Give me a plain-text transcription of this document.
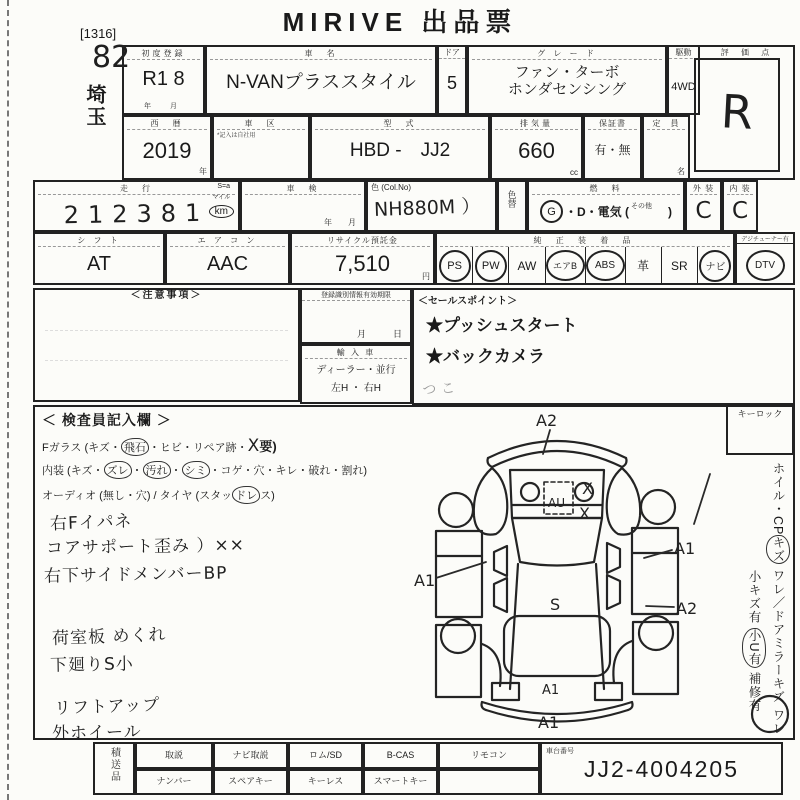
MIRIVE 出品票
[1316]
82
埼玉
初度登録
R1 8
年　月
車　名
N-VANプラススタイル
ドア
5
グ レ ー ド
ファン・ターボ
ホンダセンシング
駆動
4WD
評 価 点
R
西　暦
2019
年
車　区
*記入は自社用
型　式
HBD -　JJ2
排気量
660
cc
保証書
有・無
定　員
名
走　行	S=a
212381
マイル
km
車　検
年　　月
色 (Col.No)
NH880M ）	色替
燃　料
G ・D・電気 ( その他	)
外 装
C
内 装
C
シ フ ト
AT
エ ア コ ン
AAC
リサイクル預託金
7,510
円
純 正 装 着 品
PS	PW	AW	エアB	ABS	革 SR	ナビ
デジチューナー有
DTV
＜注意事項＞	登録識別情報有効期限
月　　　日
輸 入 車
ディーラー・並行
左H ・ 右H
＜セールスポイント＞
★プッシュスタート
★バックカメラ
つ こ
＜ 検査員記入欄 ＞
Fガラス (キズ・ 飛石 ・ヒビ・リペア跡・X要)
内装 (キズ・ ズレ ・ 汚れ ・ シミ ・コゲ・穴・キレ・破れ・割れ)
オーディオ (無し・穴) / タイヤ (スタッ ドレ ス)
右Fイパネ
コアサポート歪み ）××
右下サイドメンバーBP
荷室板 めくれ
下廻りS小
リフトアップ
外ホイール
A2
X
X
AU
A1
A1
A2
S
A1
A1
キーロック
ホイル・CPキズ ワレ／ドアミラーキズ ワレ
小キズ有 小U有 補修有
積送品	取説	ナビ取説	ロム/SD	B-CAS	リモコン
ナンバー	スペアキー	キーレス	スマートキー
車台番号
JJ2-4004205
